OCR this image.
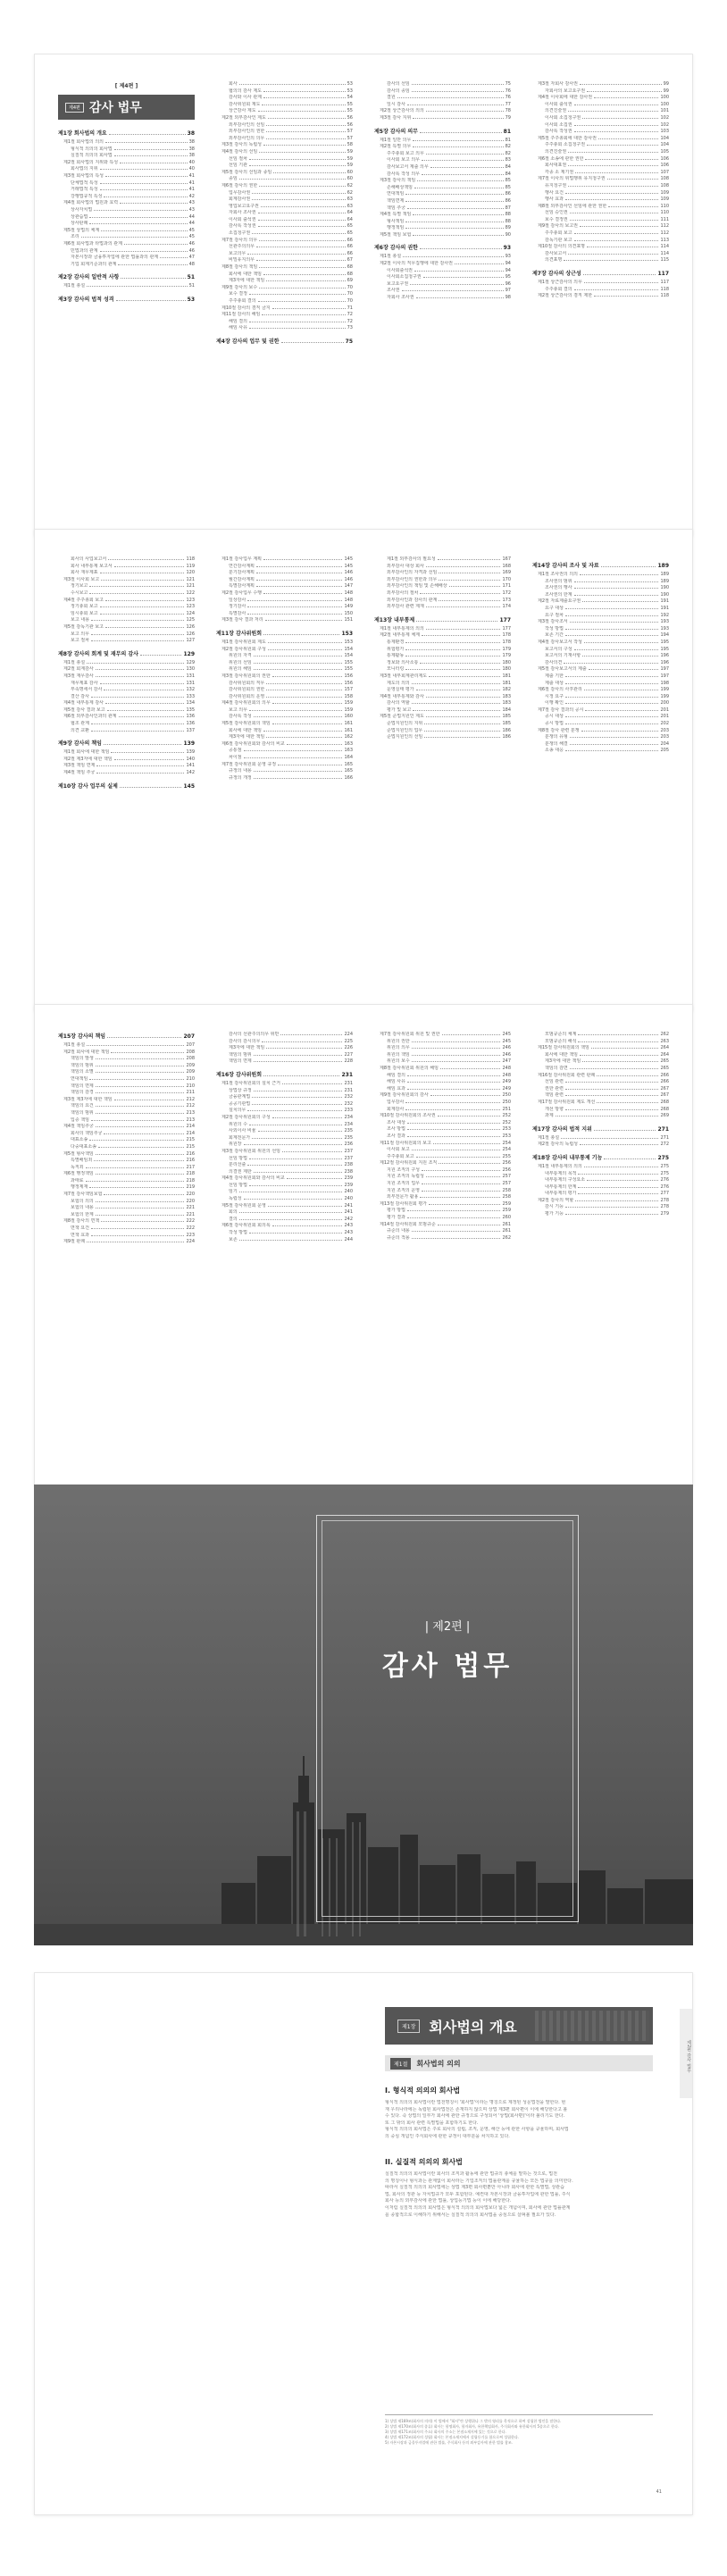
[ 제4편 ]
제4편 감사 법무
제1장 회사법의 개요	38
제1절 회사법의 의의	38
형식적 의의의 회사법	38
실질적 의의의 회사법	38
제2절 회사법의 지위와 특성	40
회사법의 지위	40
제3절 회사법의 특성	41
단체법적 특성	41
거래법적 특성	41
강행법규적 특성	42
제4절 회사법의 법원과 효력	43
상사자치법	43
상관습법	44
상사판례	44
제5절 상법의 체계	45
조리	45
제6절 회사법과 타법과의 관계	46
민법과의 관계	46
자본시장과 금융투자업에 관한 법률과의 관계	47
기업 회계기준과의 관계	48
제2장 감사의 일반적 사항	51
제1절 총설	51
제3장 감사의 법적 성격	53
회사	53
협의의 감사 제도	53
감사와 이사 관계	54
감사위원회 제도	55
상근감사 제도	55
제2절 외부감사인 제도	56
외부감사인의 선임	56
외부감사인의 권한	57
외부감사인의 의무	57
제3절 감사의 독립성	58
제4절 감사의 선임	59
선임 절차	59
선임 기관	59
제5절 감사의 선임과 종임	60
종임	60
제6절 감사의 권한	62
업무감사권	62
회계감사권	63
영업보고요구권	63
자회사 조사권	64
이사회 출석권	64
감사록 작성권	65
소집청구권	65
제7절 감사의 의무	66
선관주의의무	66
보고의무	66
비밀유지의무	67
제8절 감사의 책임	68
회사에 대한 책임	68
제3자에 대한 책임	69
제9절 감사의 보수	70
보수 결정	70
주주총회 결의	70
제10절 감사의 겸직 금지	71
제11절 감사의 해임	72
해임 결의	72
해임 사유	73
제4장 감사의 업무 및 권한	75
감사의 선임	75
감사의 종임	76
결원	76
일시 감사	77
제2절 상근감사의 의의	78
제3절 감사 지위	79
제5장 감사의 의무	81
제1절 일반 의무	81
제2절 특별 의무	82
주주총회 보고 의무	82
이사회 보고 의무	83
감사보고서 제출 의무	84
감사록 작성 의무	84
제3절 감사의 책임	85
손해배상책임	85
연대책임	86
책임면제	86
책임 추궁	87
제4절 특별 책임	88
형사책임	88
행정책임	89
제5절 책임 보험	90
제6장 감사의 권한	93
제1절 총설	93
제2절 이사의 직무집행에 대한 감사권	94
이사회출석권	94
이사회소집청구권	95
보고요구권	96
조사권	97
자회사 조사권	98
제3절 자회사 감사권	99
자회사의 보고요구권	99
제4절 이사회에 대한 감사권	100
이사회 출석권	100
의견진술권	101
이사회 소집청구권	102
이사회 소집권	102
감사록 작성권	103
제5절 주주총회에 대한 감사권	104
주주총회 소집청구권	104
의견진술권	105
제6절 소송에 관한 권한	106
회사대표권	106
각종 소 제기권	107
제7절 이사의 위법행위 유지청구권	108
유지청구권	108
행사 요건	109
행사 효과	109
제8절 외부감사인 선임에 관한 권한	110
선임 승인권	110
보수 결정권	111
제9절 감사의 보고권	112
주주총회 보고	112
감독기관 보고	113
제10절 감사의 의견표명	114
감사보고서	114
의견표명	115
제7장 감사의 상근성	117
제1절 상근감사의 의무	117
주주총회 결의	118
제2절 상근감사의 겸직 제한	118
회사의 사업보고서	118
회사 내부통제 보고서	119
회사 재무제표	120
제3절 이사회 보고	121
정기보고	121
수시보고	122
제4절 주주총회 보고	123
정기총회 보고	123
임시총회 보고	124
보고 내용	125
제5절 감독기관 보고	126
보고 의무	126
보고 절차	127
제8장 감사의 회계 및 재무의 감사	129
제1절 총설	129
제2절 회계감사	130
제3절 재무감사	131
재무제표 감사	131
부속명세서 감사	132
결산 감사	133
제4절 내부통제 감사	134
제5절 감사 결과 보고	135
제6절 외부감사인과의 관계	136
협조 관계	136
의견 교환	137
제9장 감사의 책임	139
제1절 회사에 대한 책임	139
제2절 제3자에 대한 책임	140
제3절 책임 면제	141
제4절 책임 추궁	142
제10장 감사 업무의 실제	145
제1절 감사업무 계획	145
연간감사계획	145
분기감사계획	146
월간감사계획	146
특별감사계획	147
제2절 감사업무 수행	148
일상감사	148
정기감사	149
특별감사	150
제3절 감사 결과 처리	151
제11장 감사위원회	153
제1절 감사위원회 제도	153
제2절 감사위원회 구성	154
위원의 자격	154
위원의 선임	155
위원의 해임	155
제3절 감사위원회의 권한	156
감사위원회의 직무	156
감사위원회의 권한	157
감사위원회의 운영	158
제4절 감사위원회의 의무	159
보고 의무	159
감사록 작성	160
제5절 감사위원회의 책임	161
회사에 대한 책임	161
제3자에 대한 책임	162
제6절 감사위원회와 감사의 비교	163
공통점	163
차이점	164
제7절 감사위원회 운영 규정	165
규정의 내용	165
규정의 개정	166
제1절 외부감사의 필요성	167
외부감사 대상 회사	168
외부감사인의 자격과 선임	169
외부감사인의 권한과 의무	170
외부감사인의 책임 및 손해배상	171
외부감사의 절차	172
외부감사인과 감사의 관계	173
외부감사 관련 제재	174
제13장 내부통제	177
제1절 내부통제의 의의	177
제2절 내부통제 체계	178
통제환경	178
위험평가	179
통제활동	179
정보와 의사소통	180
모니터링	180
제3절 내부회계관리제도	181
제도의 의의	181
운영실태 평가	182
제4절 내부통제와 감사	183
감사의 역할	183
평가 및 보고	184
제5절 준법지원인 제도	185
준법지원인의 지위	185
준법지원인의 업무	186
준법지원인의 선임	186
제14장 감사의 조사 및 자료	189
제1절 조사권의 의의	189
조사권의 범위	189
조사권의 행사	190
조사권의 한계	190
제2절 자료제출요구권	191
요구 대상	191
요구 절차	192
제3절 감사조서	193
작성 방법	193
보존 기간	194
제4절 감사보고서 작성	195
보고서의 구성	195
보고서의 기재사항	196
감사의견	196
제5절 감사보고서의 제출	197
제출 기한	197
제출 대상	198
제6절 감사의 사후관리	199
시정 요구	199
이행 확인	200
제7절 감사 결과의 공시	201
공시 대상	201
공시 방법	202
제8절 감사 관련 분쟁	203
분쟁의 유형	203
분쟁의 해결	204
소송 대응	205
제15장 감사의 책임	207
제1절 총설	207
제2절 회사에 대한 책임	208
책임의 발생	208
책임의 범위	209
책임의 소멸	209
연대책임	210
책임의 면제	210
책임의 감경	211
제3절 제3자에 대한 책임	212
책임의 요건	212
책임의 범위	213
입증 책임	213
제4절 책임추궁	214
회사의 책임추궁	214
대표소송	215
다중대표소송	215
제5절 형사책임	216
특별배임죄	216
독직죄	217
제6절 행정책임	218
과태료	218
행정제재	219
제7절 감사책임보험	220
보험의 의의	220
보험의 내용	221
보험의 한계	221
제8절 감사의 면책	222
면책 요건	222
면책 효과	223
제9절 판례	224
감사의 선관주의의무 위반	224
감사의 감시의무	225
제3자에 대한 책임	226
책임의 범위	227
책임의 면제	228
제16장 감사위원회	231
제1절 감사위원회의 설치 근거	231
상법상 규정	231
금융관계법	232
공공기관법	232
설치의무	233
제2절 감사위원회의 구성	234
위원의 수	234
사외이사 비율	235
회계전문가	235
위원장	236
제3절 감사위원회 위원의 선임	237
선임 방법	237
분리선출	238
의결권 제한	238
제4절 감사위원회와 감사의 비교	239
선임 방법	239
임기	240
독립성	240
제5절 감사위원회 운영	241
회의	241
결의	242
제6절 감사위원회 회의록	243
작성 방법	243
보존	244
제7절 감사위원회 위원 및 권한	245
위원의 권한	245
위원의 의무	246
위원의 책임	246
위원의 보수	247
제8절 감사위원회 위원의 해임	248
해임 결의	248
해임 사유	249
해임 효과	249
제9절 감사위원회의 감사	250
업무감사	250
회계감사	251
제10절 감사위원회의 조사권	252
조사 대상	252
조사 방법	253
조사 결과	253
제11절 감사위원회의 보고	254
이사회 보고	254
주주총회 보고	255
제12절 감사위원회 지원 조직	256
지원 조직의 구성	256
지원 조직의 독립성	257
지원 조직의 업무	257
지원 조직의 운영	258
외부전문가 활용	258
제13절 감사위원회 평가	259
평가 방법	259
평가 결과	260
제14절 감사위원회 모범규준	261
규준의 내용	261
규준의 적용	262
모범규준의 체계	262
모범규준의 해석	263
제15절 감사위원회의 책임	264
회사에 대한 책임	264
제3자에 대한 책임	265
책임의 감면	265
제16절 감사위원회 관련 판례	266
선임 관련	266
권한 관련	267
책임 관련	267
제17절 감사위원회 제도 개선	268
개선 방향	268
과제	269
제17장 감사의 법적 지위	271
제1절 총설	271
제2절 감사의 독립성	272
제18장 감사의 내부통제 기능	275
제1절 내부통제의 의의	275
내부통제의 목적	275
내부통제의 구성요소	276
내부통제의 한계	276
내부통제의 평가	277
제2절 감사의 역할	278
감시 기능	278
평가 기능	279
| 제2편 |
감사 법무
제1장 회사법의 개요
제2편 감사 법무
제1절	회사법의 의의
I. 형식적 의의의 회사법
형식적 의의의 회사법이란 법전명칭이 '회사법'이라는 명칭으로 제정된 성문법전을 말한다. 현
재 우리나라에는 독립된 회사법전은 존재하지 않으며 상법 제3편 회사편이 이에 해당한다고 볼
수 있다. 즉 상법의 일부가 회사에 관한 규정으로 구성되어 '상법(회사편)'이라 불리기도 한다.
또 그 밖의 회사 관련 특별법을 포함하기도 한다.
형식적 의의의 회사법은 주로 회사의 설립, 조직, 운영, 해산 등에 관한 사항을 규율하며, 회사법
의 중심 개념인 주식회사에 관한 규정이 대부분을 차지하고 있다.
II. 실질적 의의의 회사법
실질적 의의의 회사법이란 회사의 조직과 활동에 관한 법규의 총체를 말하는 것으로, 법전
의 명칭이나 형식과는 관계없이 회사라는 기업조직의 법률관계를 규율하는 모든 법규를 의미한다.
따라서 실질적 의의의 회사법에는 상법 제3편 회사편뿐만 아니라 회사에 관한 특별법, 상관습
법, 회사의 정관 등 자치법규가 모두 포함된다. 예컨대 자본시장과 금융투자업에 관한 법률, 주식
회사 등의 외부감사에 관한 법률, 상업등기법 등이 이에 해당한다.
이처럼 실질적 의의의 회사법은 형식적 의의의 회사법보다 넓은 개념이며, 회사에 관한 법률관계
를 종합적으로 이해하기 위해서는 실질적 의의의 회사법을 중심으로 살펴볼 필요가 있다.
1) 상법 제169조(회사의 의의) 이 법에서 "회사"란 상행위나 그 밖의 영리를 목적으로 하여 설립한 법인을 말한다.
2) 상법 제170조(회사의 종류) 회사는 합명회사, 합자회사, 유한책임회사, 주식회사와 유한회사의 5종으로 한다.
3) 상법 제171조(회사의 주소) 회사의 주소는 본점소재지에 있는 것으로 한다.
4) 상법 제172조(회사의 성립) 회사는 본점소재지에서 설립등기를 함으로써 성립한다.
5) 자본시장과 금융투자업에 관한 법률, 주식회사 등의 외부감사에 관한 법률 참조.
41
